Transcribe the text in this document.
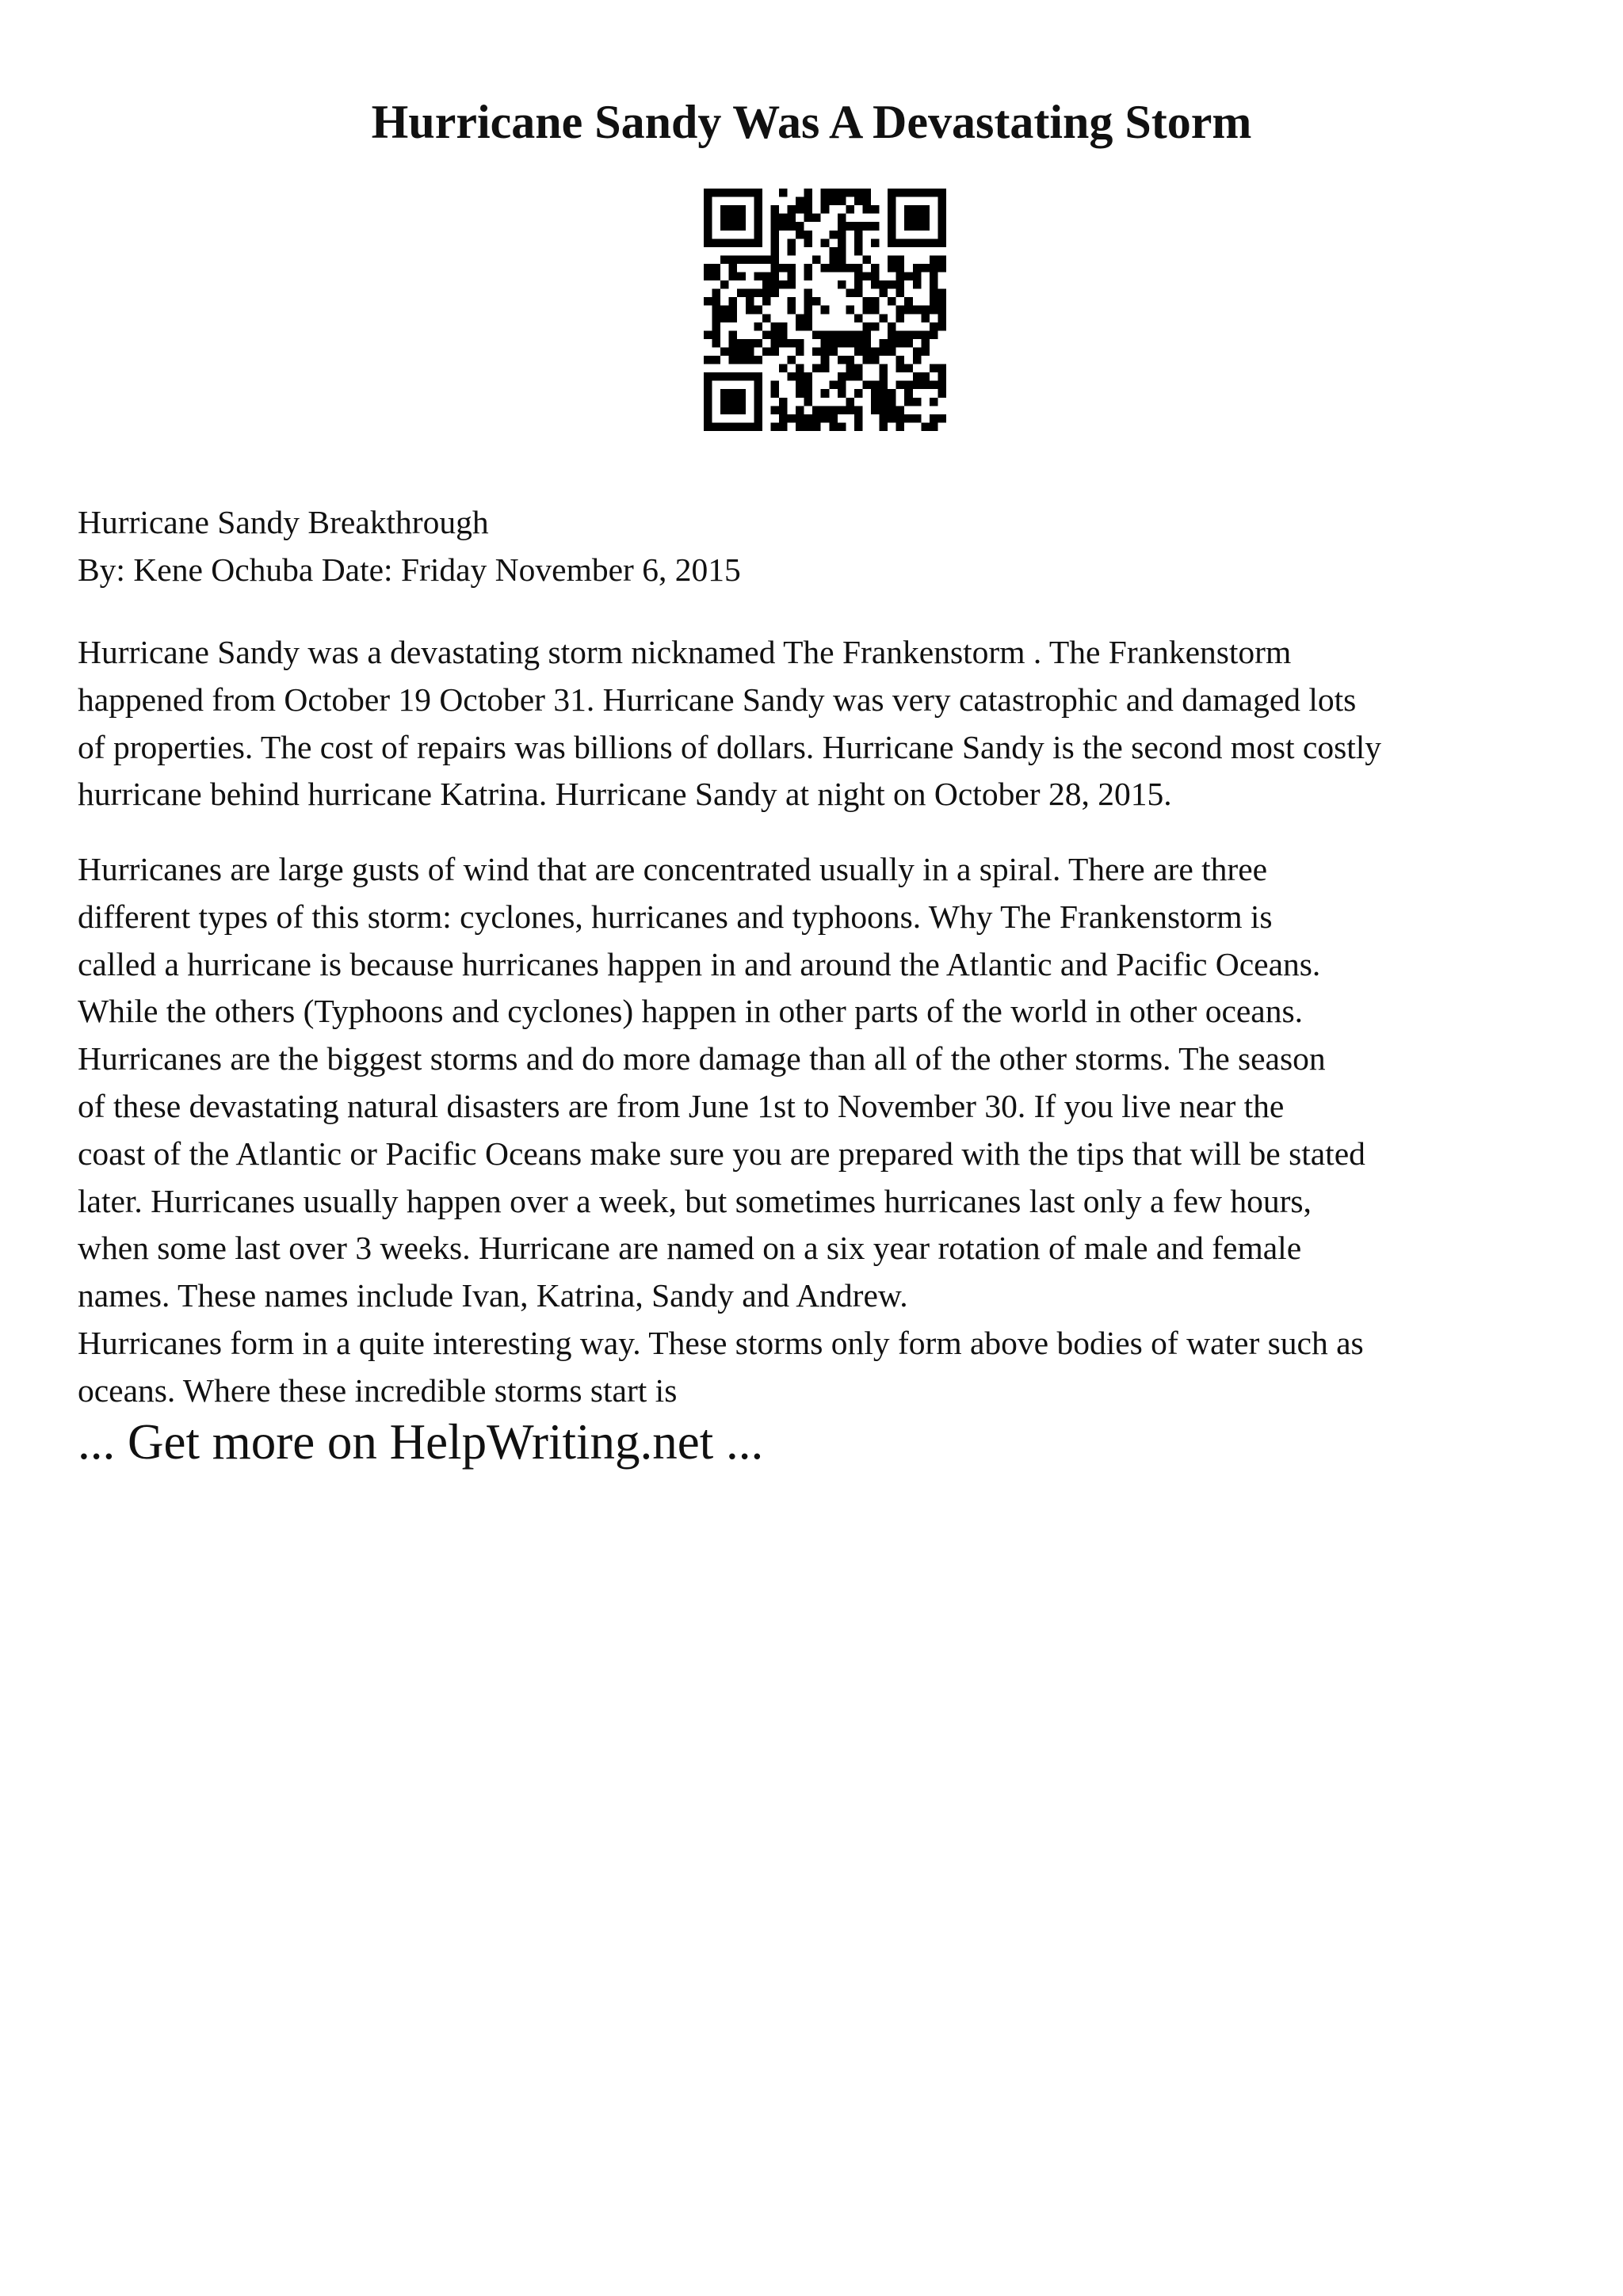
Hurricane Sandy Was A Devastating Storm
Hurricane Sandy Breakthrough
By: Kene Ochuba Date: Friday November 6, 2015
Hurricane Sandy was a devastating storm nicknamed The Frankenstorm . The Frankenstorm
happened from October 19 October 31. Hurricane Sandy was very catastrophic and damaged lots
of properties. The cost of repairs was billions of dollars. Hurricane Sandy is the second most costly
hurricane behind hurricane Katrina. Hurricane Sandy at night on October 28, 2015.
Hurricanes are large gusts of wind that are concentrated usually in a spiral. There are three
different types of this storm: cyclones, hurricanes and typhoons. Why The Frankenstorm is
called a hurricane is because hurricanes happen in and around the Atlantic and Pacific Oceans.
While the others (Typhoons and cyclones) happen in other parts of the world in other oceans.
Hurricanes are the biggest storms and do more damage than all of the other storms. The season
of these devastating natural disasters are from June 1st to November 30. If you live near the
coast of the Atlantic or Pacific Oceans make sure you are prepared with the tips that will be stated
later. Hurricanes usually happen over a week, but sometimes hurricanes last only a few hours,
when some last over 3 weeks. Hurricane are named on a six year rotation of male and female
names. These names include Ivan, Katrina, Sandy and Andrew.
Hurricanes form in a quite interesting way. These storms only form above bodies of water such as
oceans. Where these incredible storms start is
... Get more on HelpWriting.net ...
